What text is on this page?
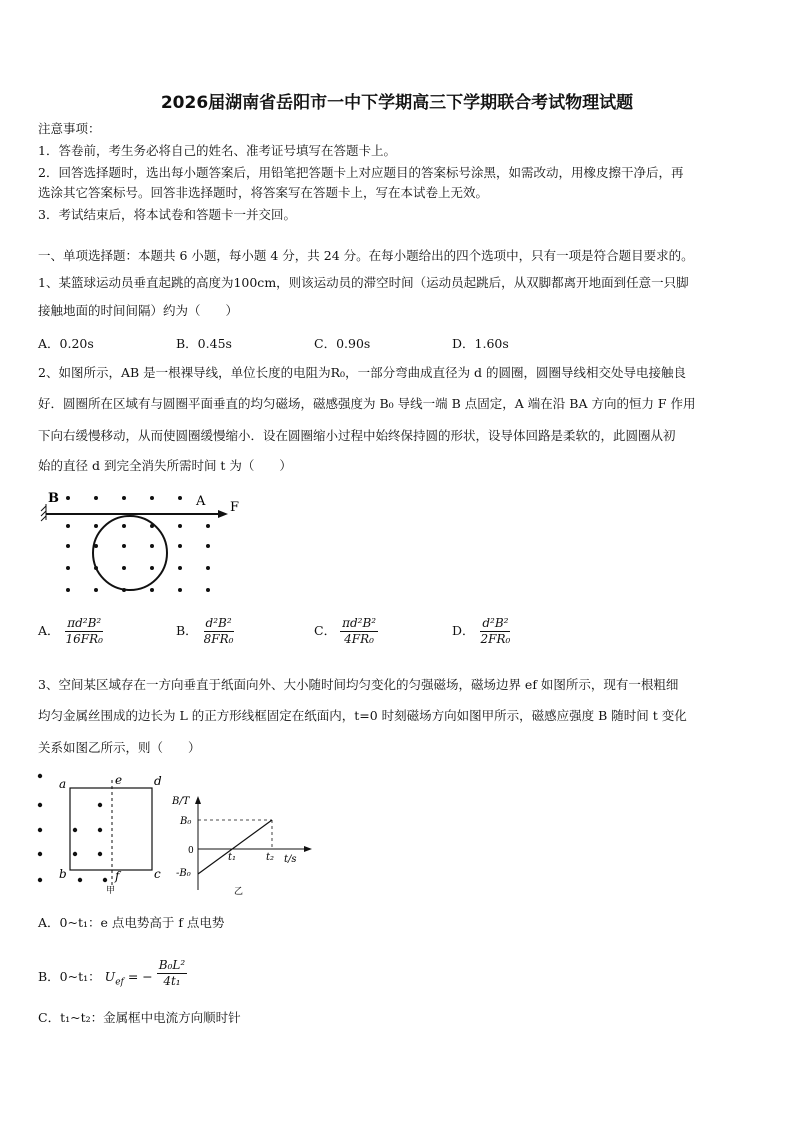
2026届湖南省岳阳市一中下学期高三下学期联合考试物理试题
注意事项：
1．答卷前，考生务必将自己的姓名、准考证号填写在答题卡上。
2．回答选择题时，选出每小题答案后，用铅笔把答题卡上对应题目的答案标号涂黑，如需改动，用橡皮擦干净后，再
选涂其它答案标号。回答非选择题时，将答案写在答题卡上，写在本试卷上无效。
3．考试结束后，将本试卷和答题卡一并交回。
一、单项选择题：本题共 6 小题，每小题 4 分，共 24 分。在每小题给出的四个选项中，只有一项是符合题目要求的。
1、某篮球运动员垂直起跳的高度为100cm，则该运动员的滞空时间（运动员起跳后，从双脚都离开地面到任意一只脚
接触地面的时间间隔）约为（　　）
A．0.20s	B．0.45s	C．0.90s	D．1.60s
2、如图所示，AB 是一根裸导线，单位长度的电阻为R₀，一部分弯曲成直径为 d 的圆圈，圆圈导线相交处导电接触良
好．圆圈所在区域有与圆圈平面垂直的均匀磁场，磁感强度为 B₀ 导线一端 B 点固定，A 端在沿 BA 方向的恒力 F 作用
下向右缓慢移动，从而使圆圈缓慢缩小．设在圆圈缩小过程中始终保持圆的形状，设导体回路是柔软的，此圆圈从初
始的直径 d 到完全消失所需时间 t 为（　　）
B	A F
A． $\frac{\text{πd²B²}}{\text{16FR₀}}$	B． $\frac{\text{d²B²}}{\text{8FR₀}}$	C． $\frac{\text{πd²B²}}{\text{4FR₀}}$	D． $\frac{\text{d²B²}}{\text{2FR₀}}$
3、空间某区域存在一方向垂直于纸面向外、大小随时间均匀变化的匀强磁场，磁场边界 ef 如图所示，现有一根粗细
均匀金属丝围成的边长为 L 的正方形线框固定在纸面内，t=0 时刻磁场方向如图甲所示，磁感应强度 B 随时间 t 变化
关系如图乙所示，则（　　）
a	e	d
b	f	c
甲
B/T
B₀
0
-B₀
t₁	t₂ t/s
乙
A．0~t₁：e 点电势高于 f 点电势
B．0~t₁： $U_{ef}$ = − $\frac{\text{B₀L²}}{\text{4t₁}}$
C．t₁~t₂：金属框中电流方向顺时针
